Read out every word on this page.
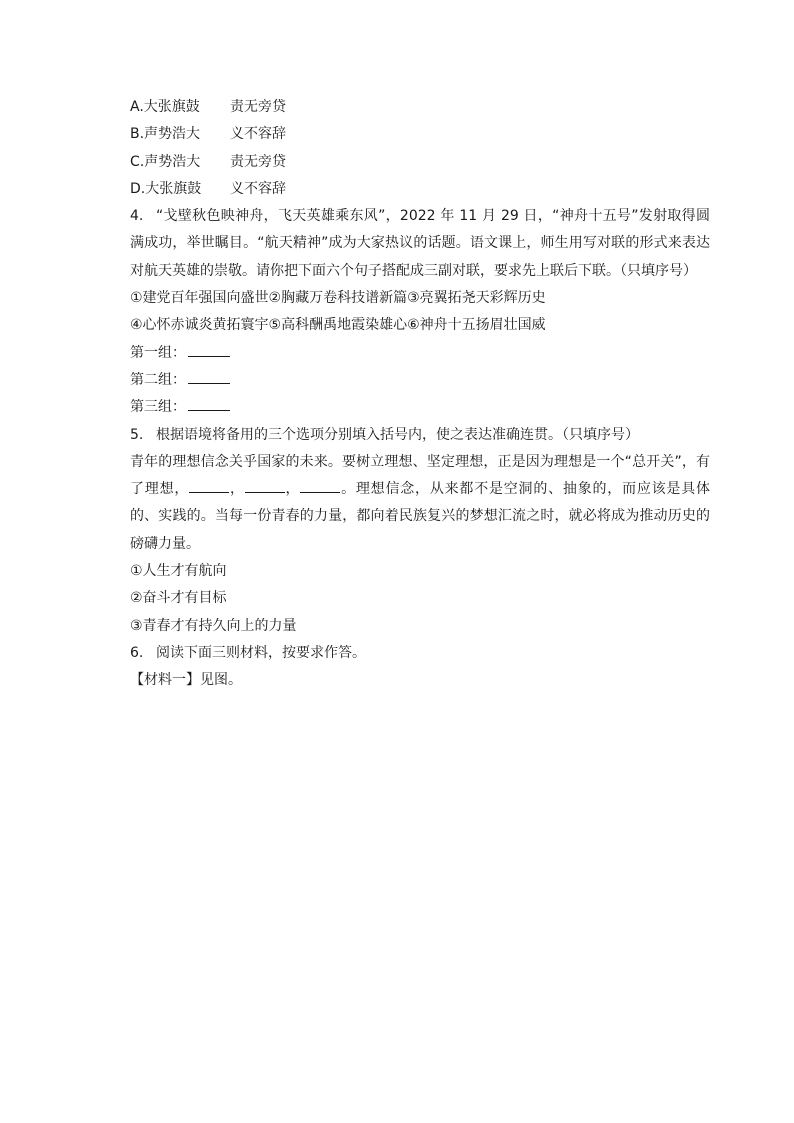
A.大张旗鼓 责无旁贷
B.声势浩大 义不容辞
C.声势浩大 责无旁贷
D.大张旗鼓 义不容辞
4. “戈壁秋色映神舟，飞天英雄乘东风”，2022 年 11 月 29 日，“神舟十五号”发射取得圆满成功，举世瞩目。“航天精神”成为大家热议的话题。语文课上，师生用写对联的形式来表达对航天英雄的崇敬。请你把下面六个句子搭配成三副对联，要求先上联后下联。（只填序号）
①建党百年强国向盛世②胸藏万卷科技谱新篇③亮翼拓尧天彩辉历史
④心怀赤诚炎黄拓寰宇⑤高科酬禹地霞染雄心⑥神舟十五扬眉壮国威
第一组：
第二组：
第三组：
5. 根据语境将备用的三个选项分别填入括号内，使之表达准确连贯。（只填序号）
青年的理想信念关乎国家的未来。要树立理想、坚定理想，正是因为理想是一个“总开关”，有了理想，	，	，	。理想信念，从来都不是空洞的、抽象的，而应该是具体的、实践的。当每一份青春的力量，都向着民族复兴的梦想汇流之时，就必将成为推动历史的磅礴力量。
①人生才有航向
②奋斗才有目标
③青春才有持久向上的力量
6. 阅读下面三则材料，按要求作答。
【材料一】见图。
